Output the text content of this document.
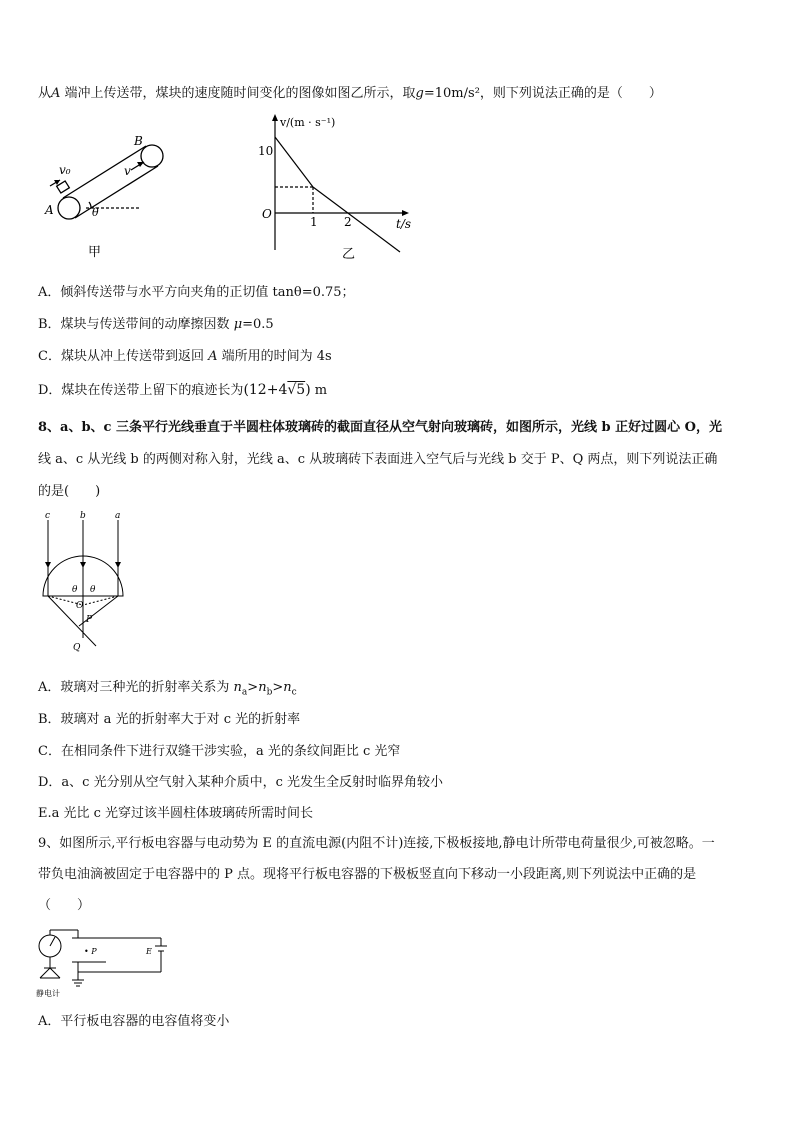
从A 端冲上传送带，煤块的速度随时间变化的图像如图乙所示，取g=10m/s²，则下列说法正确的是（　　）
v₀
B
v
A	θ
甲
v/(m · s⁻¹)
10
O
1 2	t/s
乙
A．倾斜传送带与水平方向夹角的正切值 tanθ=0.75；
B．煤块与传送带间的动摩擦因数 μ=0.5
C．煤块从冲上传送带到返回 A 端所用的时间为 4s
D．煤块在传送带上留下的痕迹长为(12+4√5) m
8、a、b、c 三条平行光线垂直于半圆柱体玻璃砖的截面直径从空气射向玻璃砖，如图所示，光线 b 正好过圆心 O，光
线 a、c 从光线 b 的两侧对称入射，光线 a、c 从玻璃砖下表面进入空气后与光线 b 交于 P、Q 两点，则下列说法正确
的是(　　)
c	b	a
θ θ
O
P
Q
A．玻璃对三种光的折射率关系为 $n_a>n_b>n_c$
B．玻璃对 a 光的折射率大于对 c 光的折射率
C．在相同条件下进行双缝干涉实验，a 光的条纹间距比 c 光窄
D．a、c 光分别从空气射入某种介质中，c 光发生全反射时临界角较小
E.a 光比 c 光穿过该半圆柱体玻璃砖所需时间长
9、如图所示,平行板电容器与电动势为 E 的直流电源(内阻不计)连接,下极板接地,静电计所带电荷量很少,可被忽略。一
带负电油滴被固定于电容器中的 P 点。现将平行板电容器的下极板竖直向下移动一小段距离,则下列说法中正确的是
（　　）
• P	E
静电计
A．平行板电容器的电容值将变小
